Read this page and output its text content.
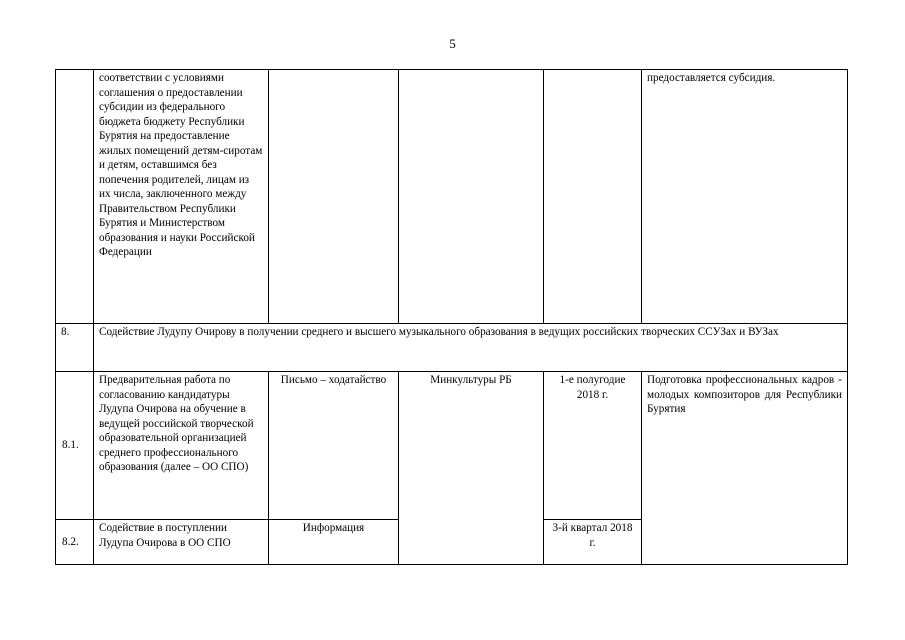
5
	соответствии с условиями соглашения о предоставлении субсидии из федерального бюджета бюджету Республики Бурятия на предоставление жилых помещений детям-сиротам и детям, оставшимся без попечения родителей, лицам из их числа, заключенного между Правительством Республики Бурятия и Министерством образования и науки Российской Федерации				предоставляется субсидия.
8.	Содействие Лудупу Очирову в получении среднего и высшего музыкального образования в ведущих российских творческих ССУЗах и ВУЗах				
8.1.	Предварительная работа по согласованию кандидатуры Лудупа Очирова на обучение в ведущей российской творческой образовательной организацией среднего профессионального образования (далее – ОО СПО)	Письмо – ходатайство	Минкультуры РБ	1-е полугодие 2018 г.	Подготовка профессиональных кадров - молодых композиторов для Республики Бурятия
8.2.	Содействие в поступлении Лудупа Очирова в ОО СПО	Информация		3-й квартал 2018 г.	
